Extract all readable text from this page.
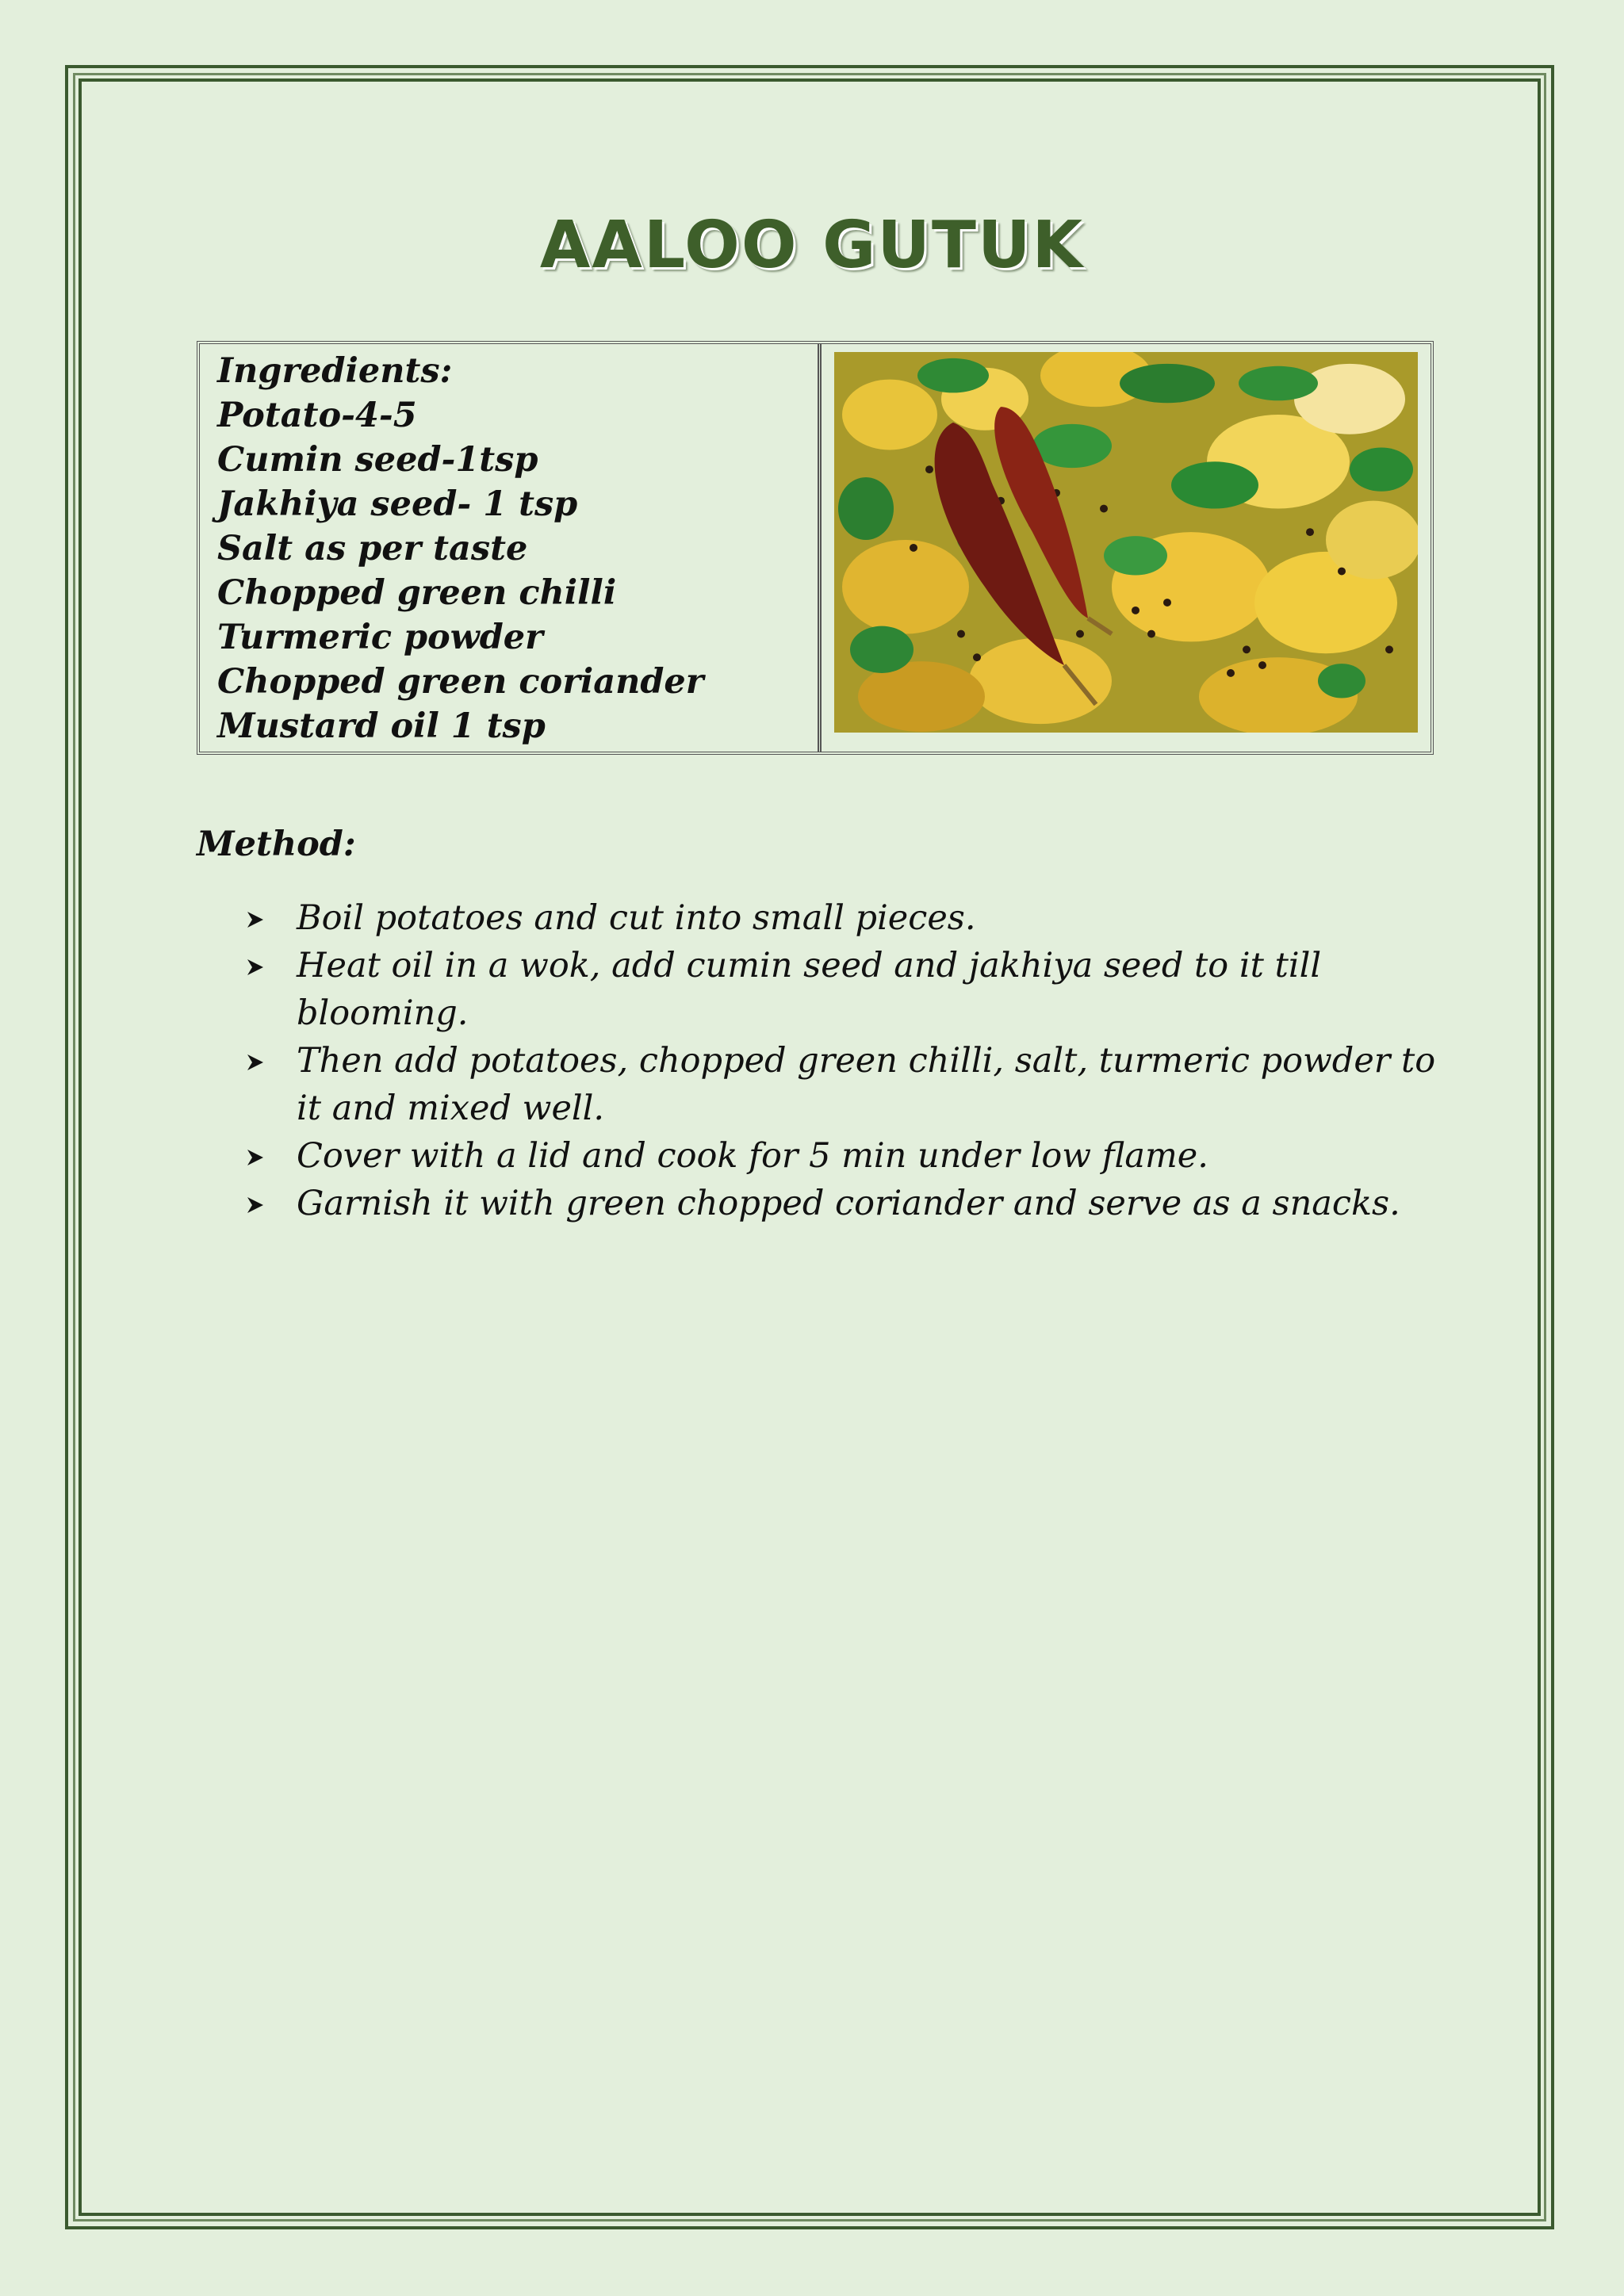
AALOO GUTUK
Ingredients:
Potato-4-5
Cumin seed-1tsp
Jakhiya seed- 1 tsp
Salt as per taste
Chopped green chilli
Turmeric powder
Chopped green coriander
Mustard oil 1 tsp
Method:
Boil potatoes and cut into small pieces.
Heat oil in a wok, add cumin seed and jakhiya seed to it till blooming.
Then add potatoes, chopped green chilli, salt, turmeric powder to it and mixed well.
Cover with a lid and cook for 5 min under low flame.
Garnish it with green chopped coriander and serve as a snacks.
